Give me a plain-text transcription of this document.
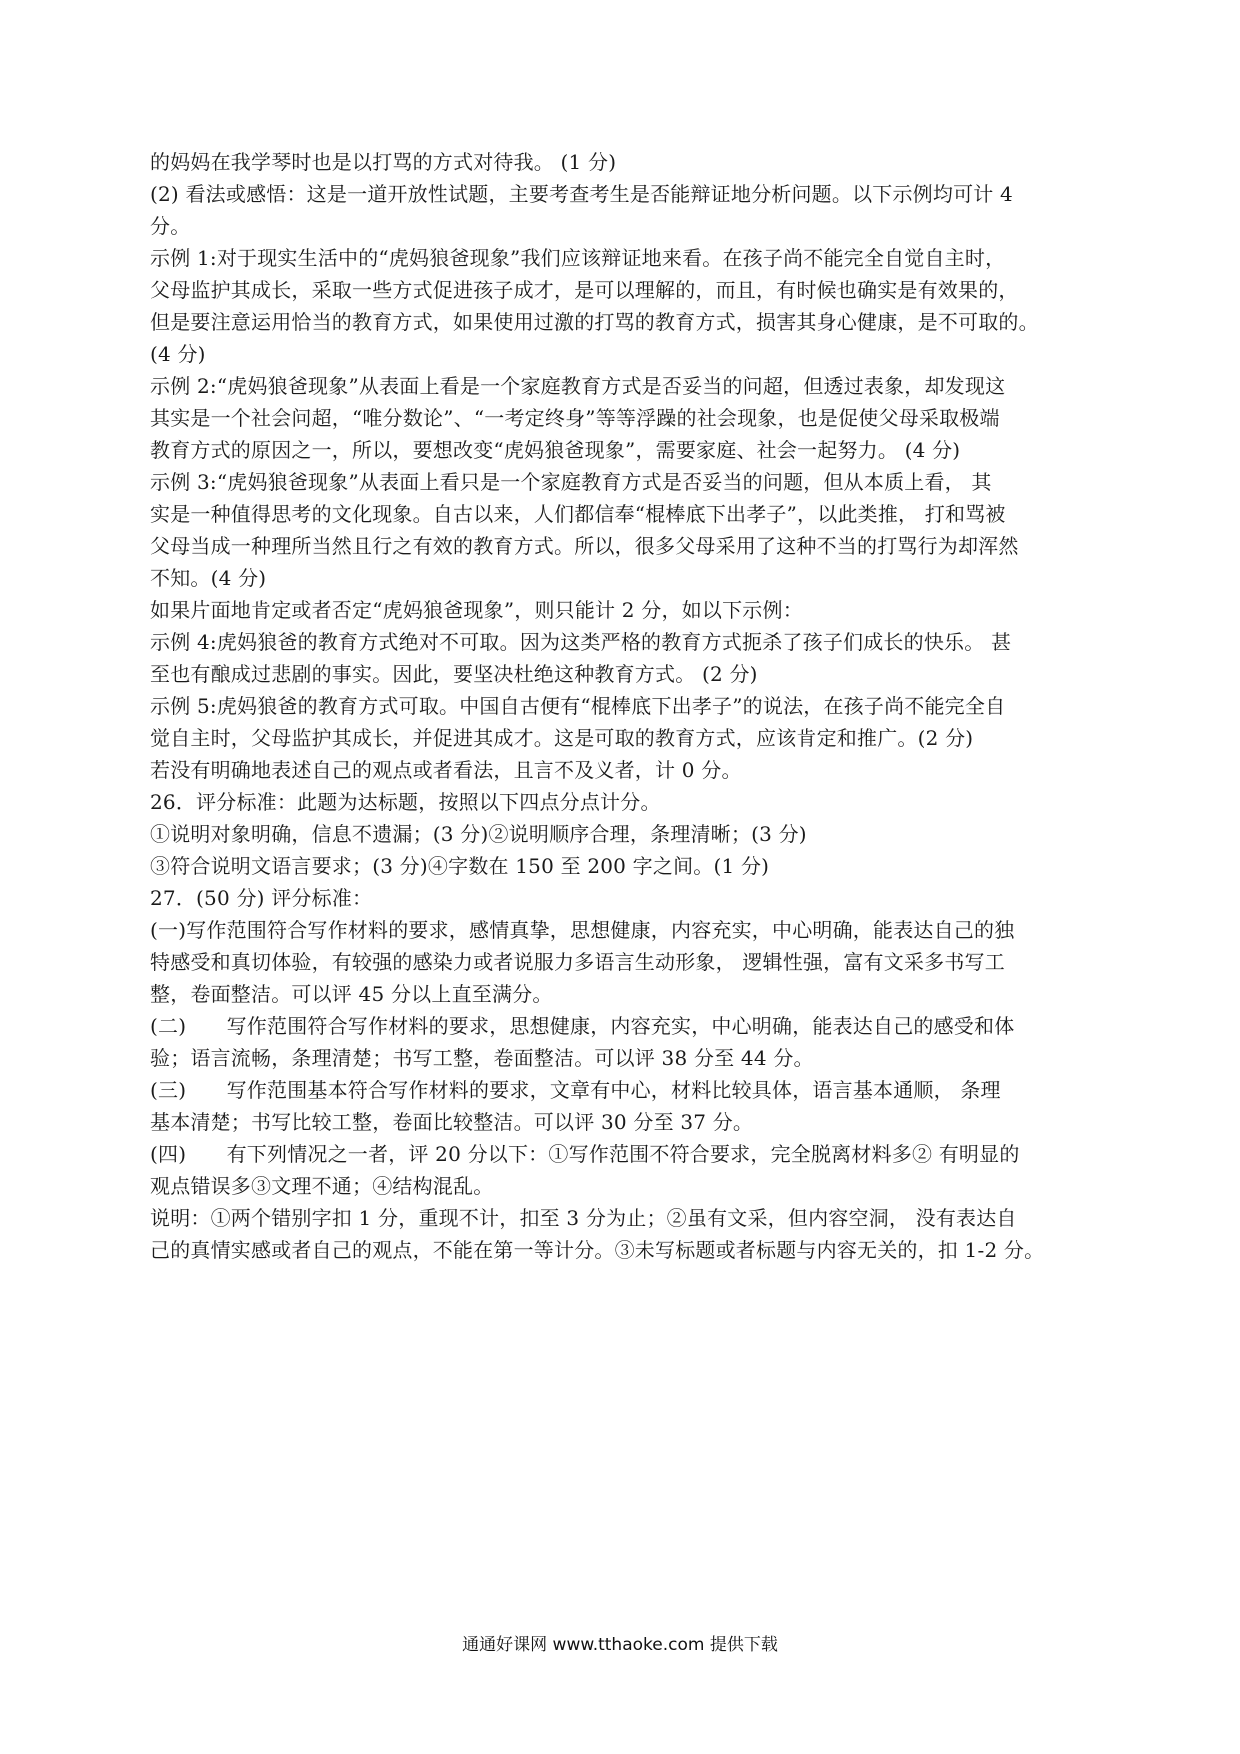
的妈妈在我学琴时也是以打骂的方式对待我。 (1 分)
(2) 看法或感悟：这是一道开放性试题，主要考查考生是否能辩证地分析问题。以下示例均可计 4
分。
示例 1:对于现实生活中的“虎妈狼爸现象”我们应该辩证地来看。在孩子尚不能完全自觉自主时，
父母监护其成长，采取一些方式促进孩子成才，是可以理解的，而且，有时候也确实是有效果的，
但是要注意运用恰当的教育方式，如果使用过激的打骂的教育方式，损害其身心健康，是不可取的。
(4 分)
示例 2:“虎妈狼爸现象”从表面上看是一个家庭教育方式是否妥当的问超，但透过表象，却发现这
其实是一个社会问超，“唯分数论”、“一考定终身”等等浮躁的社会现象，也是促使父母采取极端
教育方式的原因之一，所以，要想改变“虎妈狼爸现象”，需要家庭、社会一起努力。 (4 分)
示例 3:“虎妈狼爸现象”从表面上看只是一个家庭教育方式是否妥当的问题，但从本质上看， 其
实是一种值得思考的文化现象。自古以来，人们都信奉“棍棒底下出孝子”，以此类推， 打和骂被
父母当成一种理所当然且行之有效的教育方式。所以，很多父母采用了这种不当的打骂行为却浑然
不知。(4 分)
如果片面地肯定或者否定“虎妈狼爸现象”，则只能计 2 分，如以下示例：
示例 4:虎妈狼爸的教育方式绝对不可取。因为这类严格的教育方式扼杀了孩子们成长的快乐。 甚
至也有酿成过悲剧的事实。因此，要坚决杜绝这种教育方式。 (2 分)
示例 5:虎妈狼爸的教育方式可取。中国自古便有“棍棒底下出孝子”的说法，在孩子尚不能完全自
觉自主时，父母监护其成长，并促进其成才。这是可取的教育方式，应该肯定和推广。(2 分)
若没有明确地表述自己的观点或者看法，且言不及义者，计 0 分。
26．评分标准：此题为达标题，按照以下四点分点计分。
①说明对象明确，信息不遗漏；(3 分)②说明顺序合理，条理清晰；(3 分)
③符合说明文语言要求；(3 分)④字数在 150 至 200 字之间。(1 分)
27．(50 分) 评分标准：
(一)写作范围符合写作材料的要求，感情真挚，思想健康，内容充实，中心明确，能表达自己的独
特感受和真切体验，有较强的感染力或者说服力多语言生动形象， 逻辑性强，富有文采多书写工
整，卷面整洁。可以评 45 分以上直至满分。
(二)　　写作范围符合写作材料的要求，思想健康，内容充实，中心明确，能表达自己的感受和体
验；语言流畅，条理清楚；书写工整，卷面整洁。可以评 38 分至 44 分。
(三)　　写作范围基本符合写作材料的要求，文章有中心，材料比较具体，语言基本通顺， 条理
基本清楚；书写比较工整，卷面比较整洁。可以评 30 分至 37 分。
(四)　　有下列情况之一者，评 20 分以下：①写作范围不符合要求，完全脱离材料多② 有明显的
观点错误多③文理不通；④结构混乱。
说明：①两个错别字扣 1 分，重现不计，扣至 3 分为止；②虽有文采，但内容空洞， 没有表达自
己的真情实感或者自己的观点，不能在第一等计分。③未写标题或者标题与内容无关的，扣 1-2 分。
通通好课网 www.tthaoke.com 提供下载
